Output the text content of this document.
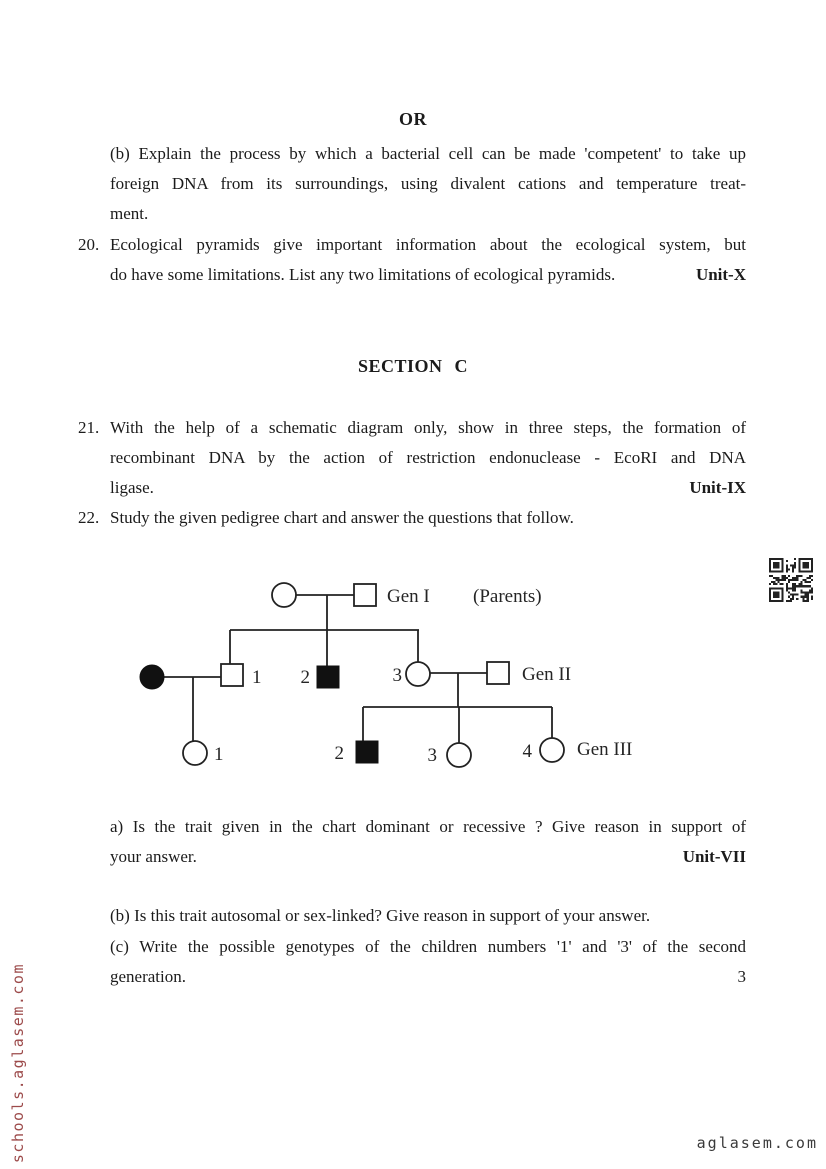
OR
(b) Explain the process by which a bacterial cell can be made 'competent' to take up
foreign DNA from its surroundings, using divalent cations and temperature treat-
ment.
20. Ecological pyramids give important information about the ecological system, but
do have some limitations. List any two limitations of ecological pyramids.	Unit-X
SECTION C
21. With the help of a schematic diagram only, show in three steps, the formation of
recombinant DNA by the action of restriction endonuclease - EcoRI and DNA
ligase.	Unit-IX
22. Study the given pedigree chart and answer the questions that follow.
Gen I (Parents)
1 2	3	Gen II
1	2	3	4 Gen III
a) Is the trait given in the chart dominant or recessive ? Give reason in support of
your answer.	Unit-VII
(b) Is this trait autosomal or sex-linked? Give reason in support of your answer.
(c) Write the possible genotypes of the children numbers '1' and '3' of the second
generation.	3
schools.aglasem.com	aglasem.com
